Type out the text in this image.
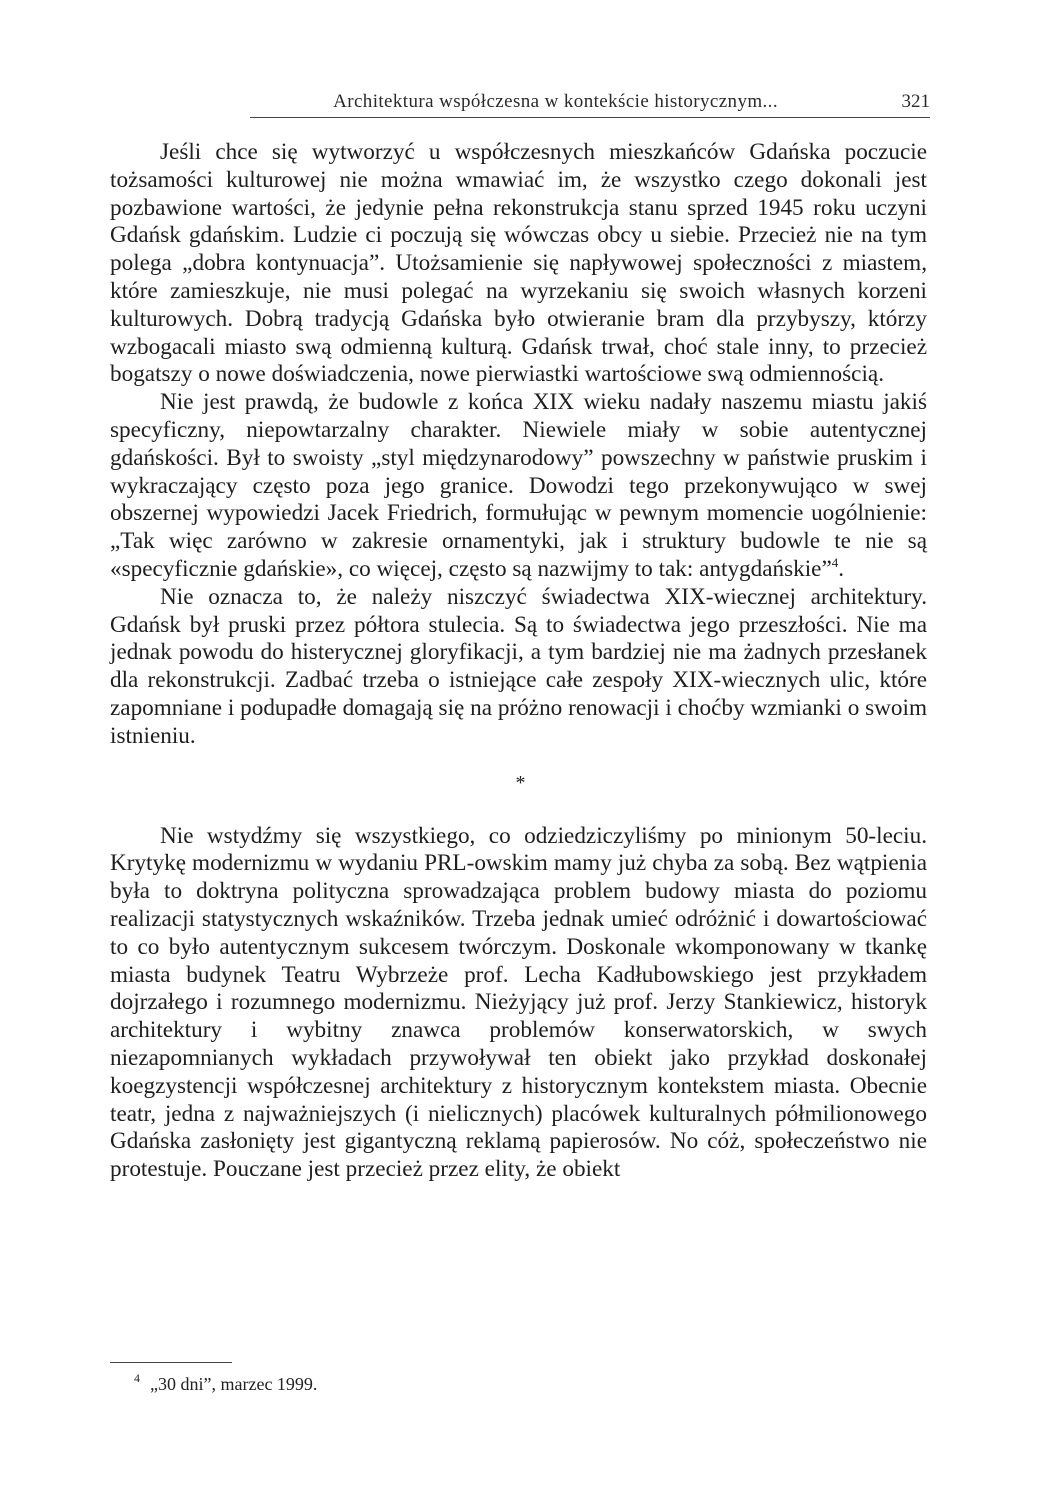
Architektura współczesna w kontekście historycznym...	321

Jeśli chce się wytworzyć u współczesnych mieszkańców Gdańska poczucie tożsamości kulturowej nie można wmawiać im, że wszystko czego dokonali jest pozbawione wartości, że jedynie pełna rekonstrukcja stanu sprzed 1945 roku uczyni Gdańsk gdańskim. Ludzie ci poczują się wówczas obcy u siebie. Przecież nie na tym polega „dobra kontynuacja”. Utożsamienie się napływowej społeczności z miastem, które zamieszkuje, nie musi polegać na wyrzekaniu się swoich własnych korzeni kulturowych. Dobrą tradycją Gdańska było otwieranie bram dla przybyszy, którzy wzbogacali miasto swą odmienną kulturą. Gdańsk trwał, choć stale inny, to przecież bogatszy o nowe doświadczenia, nowe pierwiastki wartościowe swą odmiennością.

Nie jest prawdą, że budowle z końca XIX wieku nadały naszemu miastu jakiś specyficzny, niepowtarzalny charakter. Niewiele miały w sobie autentycznej gdańskości. Był to swoisty „styl międzynarodowy” powszechny w państwie pruskim i wykraczający często poza jego granice. Dowodzi tego przekonywująco w swej obszernej wypowiedzi Jacek Friedrich, formułując w pewnym momencie uogólnienie: „Tak więc zarówno w zakresie ornamentyki, jak i struktury budowle te nie są «specyficznie gdańskie», co więcej, często są nazwijmy to tak: antygdańskie”$^4$.

Nie oznacza to, że należy niszczyć świadectwa XIX-wiecznej architektury. Gdańsk był pruski przez półtora stulecia. Są to świadectwa jego przeszłości. Nie ma jednak powodu do histerycznej gloryfikacji, a tym bardziej nie ma żadnych przesłanek dla rekonstrukcji. Zadbać trzeba o istniejące całe zespoły XIX-wiecznych ulic, które zapomniane i podupadłe domagają się na próżno renowacji i choćby wzmianki o swoim istnieniu.

*

Nie wstydźmy się wszystkiego, co odziedziczyliśmy po minionym 50-leciu. Krytykę modernizmu w wydaniu PRL-owskim mamy już chyba za sobą. Bez wątpienia była to doktryna polityczna sprowadzająca problem budowy miasta do poziomu realizacji statystycznych wskaźników. Trzeba jednak umieć odróżnić i dowartościować to co było autentycznym sukcesem twórczym. Doskonale wkomponowany w tkankę miasta budynek Teatru Wybrzeże prof. Lecha Kadłubowskiego jest przykładem dojrzałego i rozumnego modernizmu. Nieżyjący już prof. Jerzy Stankiewicz, historyk architektury i wybitny znawca problemów konserwatorskich, w swych niezapomnianych wykładach przywoływał ten obiekt jako przykład doskonałej koegzystencji współczesnej architektury z historycznym kontekstem miasta. Obecnie teatr, jedna z najważniejszych (i nielicznych) placówek kulturalnych półmilionowego Gdańska zasłonięty jest gigantyczną reklamą papierosów. No cóż, społeczeństwo nie protestuje. Pouczane jest przecież przez elity, że obiekt

$^4$ „30 dni”, marzec 1999.
